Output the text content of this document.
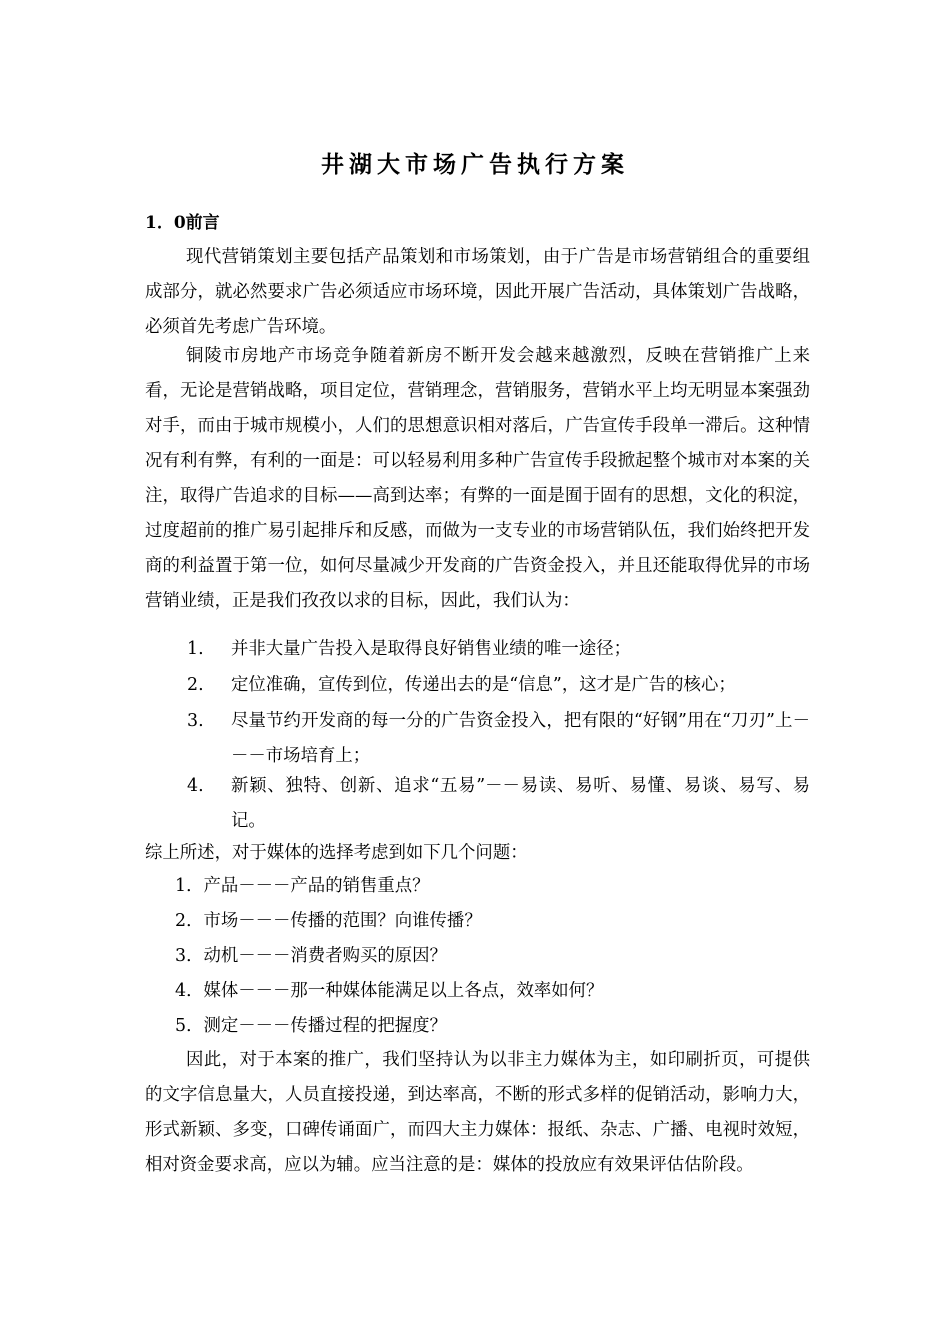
井湖大市场广告执行方案
1．0前言

现代营销策划主要包括产品策划和市场策划，由于广告是市场营销组合的重要组成部分，就必然要求广告必须适应市场环境，因此开展广告活动，具体策划广告战略，必须首先考虑广告环境。

铜陵市房地产市场竞争随着新房不断开发会越来越激烈，反映在营销推广上来看，无论是营销战略，项目定位，营销理念，营销服务，营销水平上均无明显本案强劲对手，而由于城市规模小，人们的思想意识相对落后，广告宣传手段单一滞后。这种情况有利有弊，有利的一面是：可以轻易利用多种广告宣传手段掀起整个城市对本案的关注，取得广告追求的目标——高到达率；有弊的一面是囿于固有的思想，文化的积淀，过度超前的推广易引起排斥和反感，而做为一支专业的市场营销队伍，我们始终把开发商的利益置于第一位，如何尽量减少开发商的广告资金投入，并且还能取得优异的市场营销业绩，正是我们孜孜以求的目标，因此，我们认为：

1. 并非大量广告投入是取得良好销售业绩的唯一途径；
2. 定位准确，宣传到位，传递出去的是“信息”，这才是广告的核心；
3. 尽量节约开发商的每一分的广告资金投入，把有限的“好钢”用在“刀刃”上－－－市场培育上；
4. 新颖、独特、创新、追求“五易”－－易读、易听、易懂、易谈、易写、易记。
综上所述，对于媒体的选择考虑到如下几个问题：
1．产品－－－产品的销售重点？
2．市场－－－传播的范围？向谁传播？
3．动机－－－消费者购买的原因？
4．媒体－－－那一种媒体能满足以上各点，效率如何？
5．测定－－－传播过程的把握度？

因此，对于本案的推广，我们坚持认为以非主力媒体为主，如印刷折页，可提供的文字信息量大，人员直接投递，到达率高，不断的形式多样的促销活动，影响力大，形式新颖、多变，口碑传诵面广，而四大主力媒体：报纸、杂志、广播、电视时效短，相对资金要求高，应以为辅。应当注意的是：媒体的投放应有效果评估估阶段。
